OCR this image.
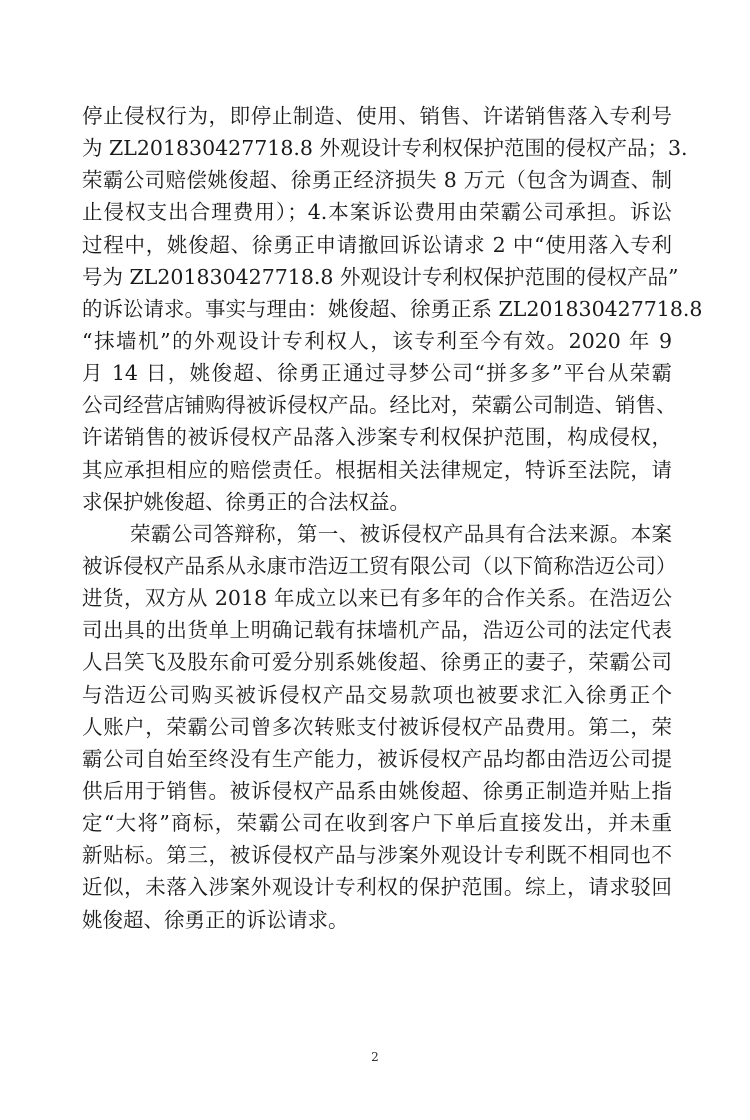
停止侵权行为，即停止制造、使用、销售、许诺销售落入专利号
为 ZL201830427718.8 外观设计专利权保护范围的侵权产品；3.
荣霸公司赔偿姚俊超、徐勇正经济损失 8 万元（包含为调查、制
止侵权支出合理费用）；4.本案诉讼费用由荣霸公司承担。诉讼
过程中，姚俊超、徐勇正申请撤回诉讼请求 2 中“使用落入专利
号为 ZL201830427718.8 外观设计专利权保护范围的侵权产品”
的诉讼请求。事实与理由：姚俊超、徐勇正系 ZL201830427718.8
“抹墙机”的外观设计专利权人，该专利至今有效。2020 年 9
月 14 日，姚俊超、徐勇正通过寻梦公司“拼多多”平台从荣霸
公司经营店铺购得被诉侵权产品。经比对，荣霸公司制造、销售、
许诺销售的被诉侵权产品落入涉案专利权保护范围，构成侵权，
其应承担相应的赔偿责任。根据相关法律规定，特诉至法院，请
求保护姚俊超、徐勇正的合法权益。
荣霸公司答辩称，第一、被诉侵权产品具有合法来源。本案
被诉侵权产品系从永康市浩迈工贸有限公司（以下简称浩迈公司）
进货，双方从 2018 年成立以来已有多年的合作关系。在浩迈公
司出具的出货单上明确记载有抹墙机产品，浩迈公司的法定代表
人吕笑飞及股东俞可爱分别系姚俊超、徐勇正的妻子，荣霸公司
与浩迈公司购买被诉侵权产品交易款项也被要求汇入徐勇正个
人账户，荣霸公司曾多次转账支付被诉侵权产品费用。第二，荣
霸公司自始至终没有生产能力，被诉侵权产品均都由浩迈公司提
供后用于销售。被诉侵权产品系由姚俊超、徐勇正制造并贴上指
定“大将”商标，荣霸公司在收到客户下单后直接发出，并未重
新贴标。第三，被诉侵权产品与涉案外观设计专利既不相同也不
近似，未落入涉案外观设计专利权的保护范围。综上，请求驳回
姚俊超、徐勇正的诉讼请求。
2
